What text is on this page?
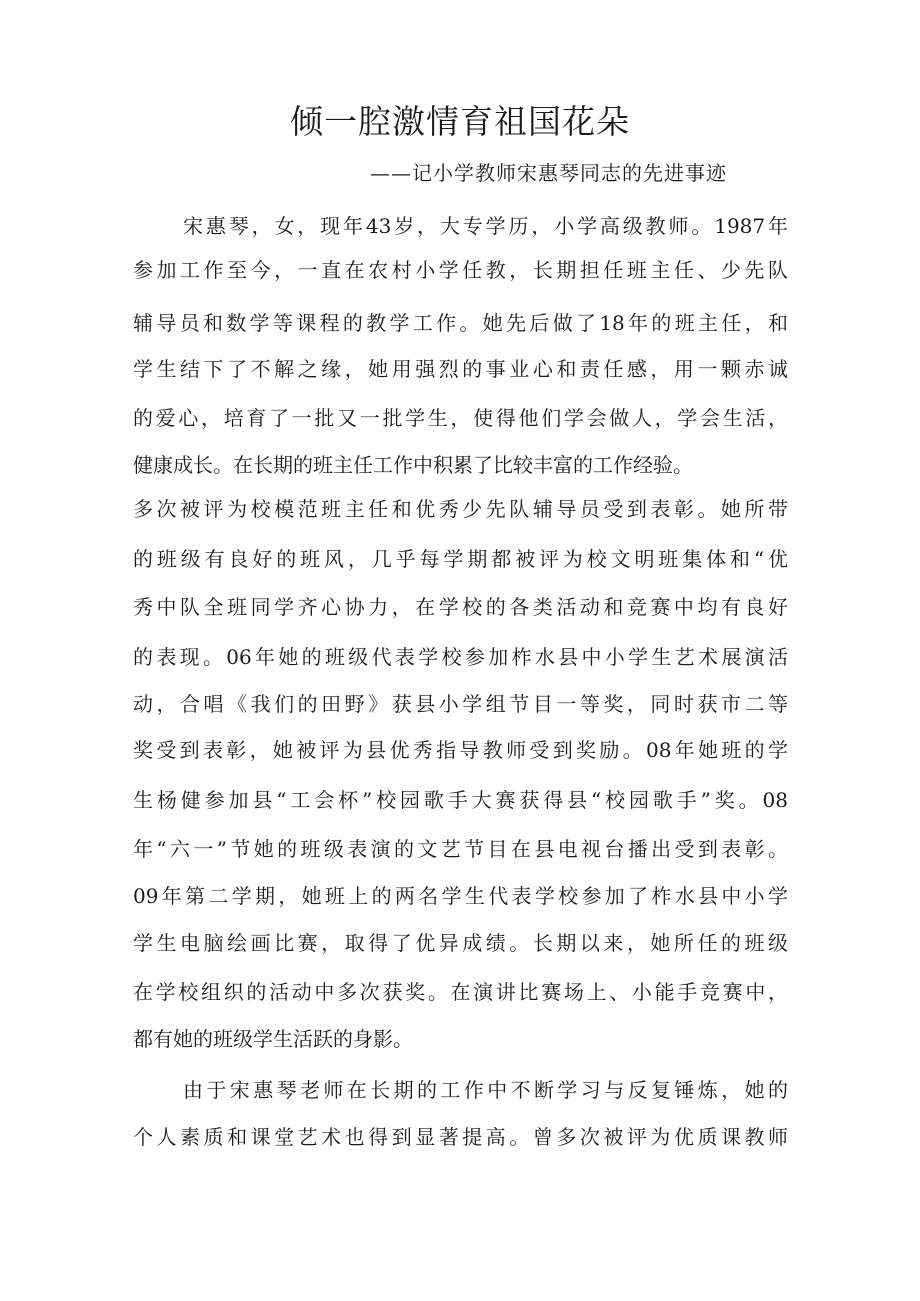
倾一腔激情育祖国花朵

——记小学教师宋惠琴同志的先进事迹

宋惠琴，女，现年43岁，大专学历，小学高级教师。1987年

参加工作至今，一直在农村小学任教，长期担任班主任、少先队

辅导员和数学等课程的教学工作。她先后做了18年的班主任，和

学生结下了不解之缘，她用强烈的事业心和责任感，用一颗赤诚

的爱心，培育了一批又一批学生，使得他们学会做人，学会生活，

健康成长。在长期的班主任工作中积累了比较丰富的工作经验。

多次被评为校模范班主任和优秀少先队辅导员受到表彰。她所带

的班级有良好的班风，几乎每学期都被评为校文明班集体和“优

秀中队全班同学齐心协力，在学校的各类活动和竞赛中均有良好

的表现。06年她的班级代表学校参加柞水县中小学生艺术展演活

动，合唱《我们的田野》获县小学组节目一等奖，同时获市二等

奖受到表彰，她被评为县优秀指导教师受到奖励。08年她班的学

生杨健参加县“工会杯”校园歌手大赛获得县“校园歌手”奖。08

年“六一”节她的班级表演的文艺节目在县电视台播出受到表彰。

09年第二学期，她班上的两名学生代表学校参加了柞水县中小学

学生电脑绘画比赛，取得了优异成绩。长期以来，她所任的班级

在学校组织的活动中多次获奖。在演讲比赛场上、小能手竞赛中，

都有她的班级学生活跃的身影。

由于宋惠琴老师在长期的工作中不断学习与反复锤炼，她的

个人素质和课堂艺术也得到显著提高。曾多次被评为优质课教师
